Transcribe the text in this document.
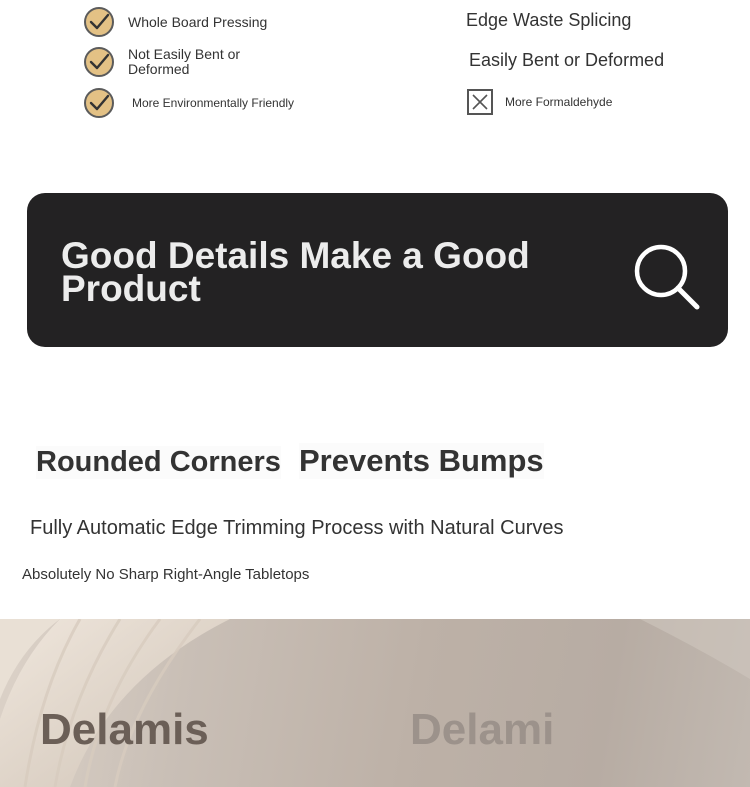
Whole Board Pressing
Not Easily Bent or Deformed
More Environmentally Friendly
Edge Waste Splicing
Easily Bent or Deformed
More Formaldehyde
Good Details Make a Good Product
Rounded Corners Prevents Bumps
Fully Automatic Edge Trimming Process with Natural Curves
Absolutely No Sharp Right-Angle Tabletops
Delamis	Delami
